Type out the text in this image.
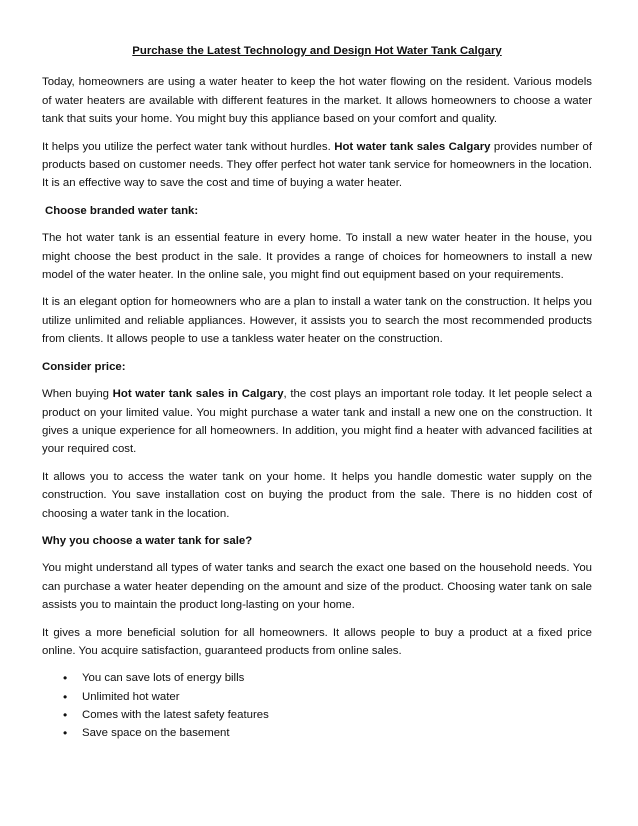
Purchase the Latest Technology and Design Hot Water Tank Calgary

Today, homeowners are using a water heater to keep the hot water flowing on the resident. Various models of water heaters are available with different features in the market. It allows homeowners to choose a water tank that suits your home. You might buy this appliance based on your comfort and quality.

It helps you utilize the perfect water tank without hurdles. Hot water tank sales Calgary provides number of products based on customer needs. They offer perfect hot water tank service for homeowners in the location. It is an effective way to save the cost and time of buying a water heater.

Choose branded water tank:

The hot water tank is an essential feature in every home. To install a new water heater in the house, you might choose the best product in the sale. It provides a range of choices for homeowners to install a new model of the water heater. In the online sale, you might find out equipment based on your requirements.

It is an elegant option for homeowners who are a plan to install a water tank on the construction. It helps you utilize unlimited and reliable appliances. However, it assists you to search the most recommended products from clients. It allows people to use a tankless water heater on the construction.

Consider price:

When buying Hot water tank sales in Calgary, the cost plays an important role today. It let people select a product on your limited value. You might purchase a water tank and install a new one on the construction. It gives a unique experience for all homeowners. In addition, you might find a heater with advanced facilities at your required cost.

It allows you to access the water tank on your home. It helps you handle domestic water supply on the construction. You save installation cost on buying the product from the sale. There is no hidden cost of choosing a water tank in the location.

Why you choose a water tank for sale?

You might understand all types of water tanks and search the exact one based on the household needs. You can purchase a water heater depending on the amount and size of the product. Choosing water tank on sale assists you to maintain the product long-lasting on your home.

It gives a more beneficial solution for all homeowners. It allows people to buy a product at a fixed price online. You acquire satisfaction, guaranteed products from online sales.

• You can save lots of energy bills
• Unlimited hot water
• Comes with the latest safety features
• Save space on the basement
